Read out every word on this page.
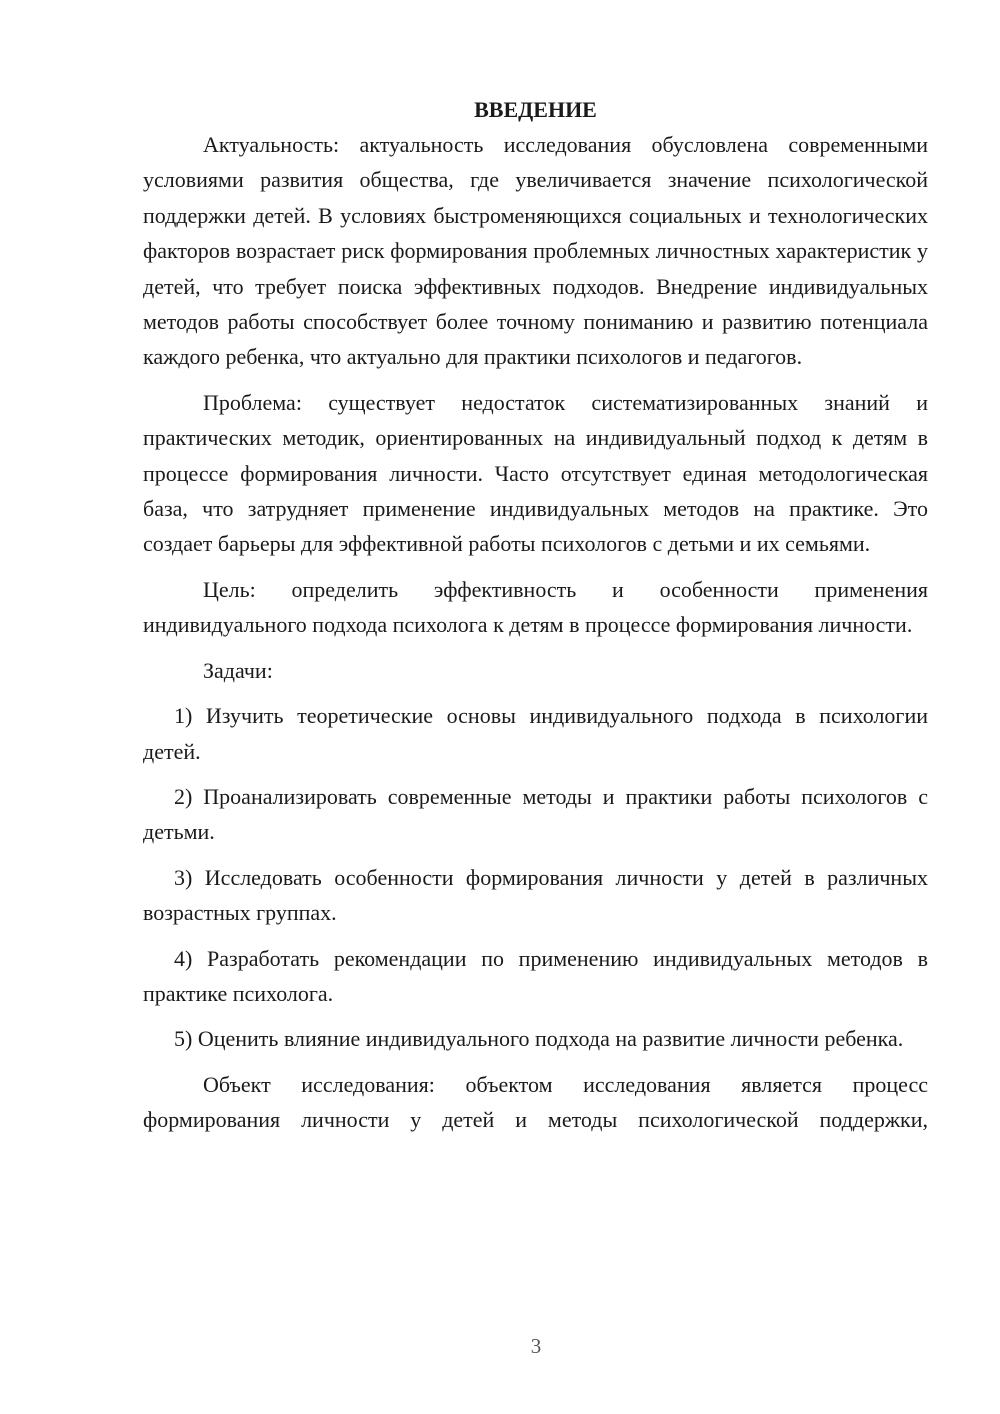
ВВЕДЕНИЕ

Актуальность: актуальность исследования обусловлена современными условиями развития общества, где увеличивается значение психологической поддержки детей. В условиях быстроменяющихся социальных и технологических факторов возрастает риск формирования проблемных личностных характеристик у детей, что требует поиска эффективных подходов. Внедрение индивидуальных методов работы способствует более точному пониманию и развитию потенциала каждого ребенка, что актуально для практики психологов и педагогов.

Проблема: существует недостаток систематизированных знаний и практических методик, ориентированных на индивидуальный подход к детям в процессе формирования личности. Часто отсутствует единая методологическая база, что затрудняет применение индивидуальных методов на практике. Это создает барьеры для эффективной работы психологов с детьми и их семьями.

Цель: определить эффективность и особенности применения индивидуального подхода психолога к детям в процессе формирования личности.

Задачи:

1) Изучить теоретические основы индивидуального подхода в психологии детей.

2) Проанализировать современные методы и практики работы психологов с детьми.

3) Исследовать особенности формирования личности у детей в различных возрастных группах.

4) Разработать рекомендации по применению индивидуальных методов в практике психолога.

5) Оценить влияние индивидуального подхода на развитие личности ребенка.

Объект исследования: объектом исследования является процесс формирования личности у детей и методы психологической поддержки,

3
